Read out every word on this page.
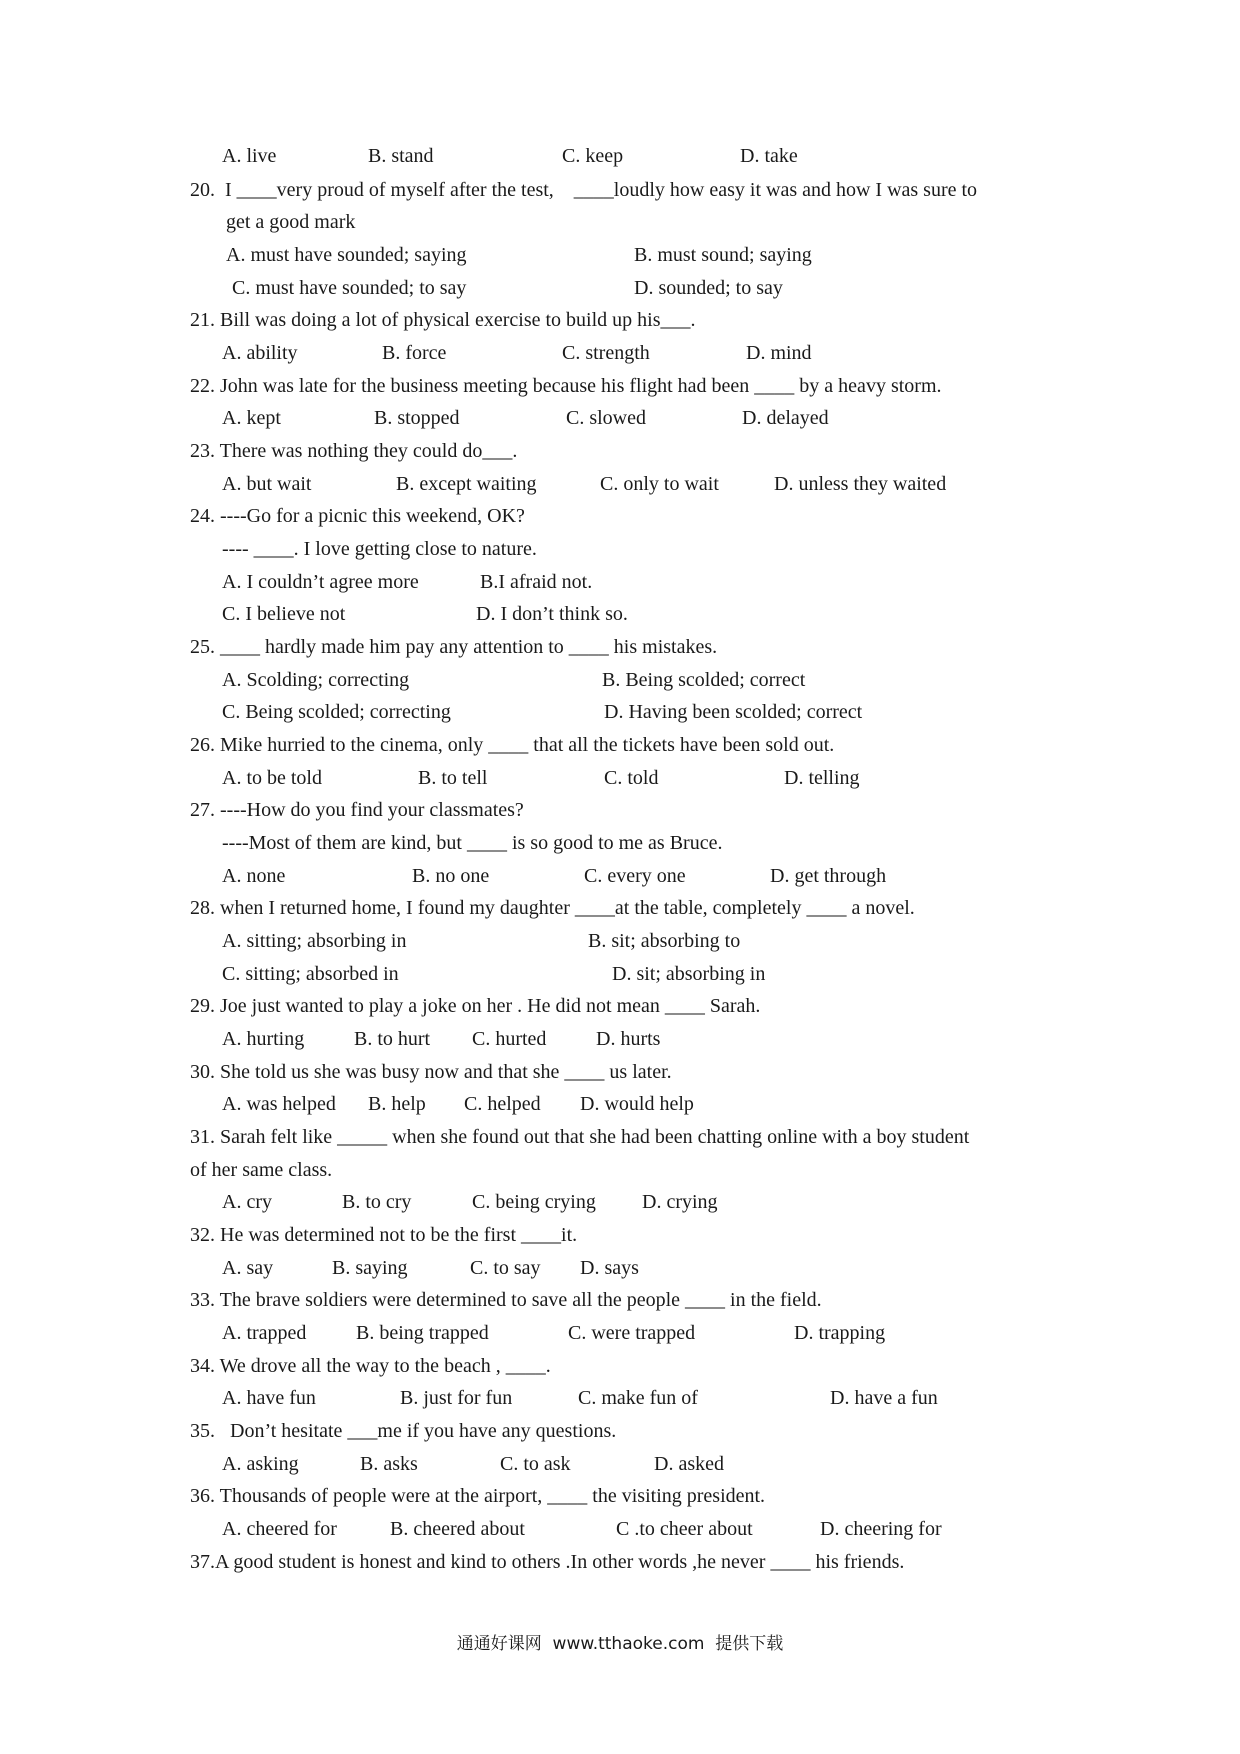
A. live	B. stand	C. keep	D. take
20.  I ____very proud of myself after the test,    ____loudly how easy it was and how I was sure to
get a good mark
A. must have sounded; saying	B. must sound; saying
C. must have sounded; to say	D. sounded; to say
21. Bill was doing a lot of physical exercise to build up his___.
A. ability	B. force	C. strength	D. mind
22. John was late for the business meeting because his flight had been ____ by a heavy storm.
A. kept	B. stopped	C. slowed	D. delayed
23. There was nothing they could do___.
A. but wait	B. except waiting	C. only to wait	D. unless they waited
24. ----Go for a picnic this weekend, OK?
---- ____. I love getting close to nature.
A. I couldn’t agree more	B.I afraid not.
C. I believe not	D. I don’t think so.
25. ____ hardly made him pay any attention to ____ his mistakes.
A. Scolding; correcting	B. Being scolded; correct
C. Being scolded; correcting	D. Having been scolded; correct
26. Mike hurried to the cinema, only ____ that all the tickets have been sold out.
A. to be told	B. to tell	C. told	D. telling
27. ----How do you find your classmates?
----Most of them are kind, but ____ is so good to me as Bruce.
A. none	B. no one	C. every one	D. get through
28. when I returned home, I found my daughter ____at the table, completely ____ a novel.
A. sitting; absorbing in	B. sit; absorbing to
C. sitting; absorbed in	D. sit; absorbing in
29. Joe just wanted to play a joke on her . He did not mean ____ Sarah.
A. hurting B. to hurt C. hurted D. hurts
30. She told us she was busy now and that she ____ us later.
A. was helped B. help C. helped D. would help
31. Sarah felt like _____ when she found out that she had been chatting online with a boy student
of her same class.
A. cry	B. to cry	C. being crying D. crying
32. He was determined not to be the first ____it.
A. say	B. saying	C. to say D. says
33. The brave soldiers were determined to save all the people ____ in the field.
A. trapped B. being trapped	C. were trapped	D. trapping
34. We drove all the way to the beach , ____.
A. have fun	B. just for fun	C. make fun of	D. have a fun
35.   Don’t hesitate ___me if you have any questions.
A. asking	B. asks	C. to ask	D. asked
36. Thousands of people were at the airport, ____ the visiting president.
A. cheered for	B. cheered about	C .to cheer about	D. cheering for
37.A good student is honest and kind to others .In other words ,he never ____ his friends.
通通好课网  www.tthaoke.com  提供下载
